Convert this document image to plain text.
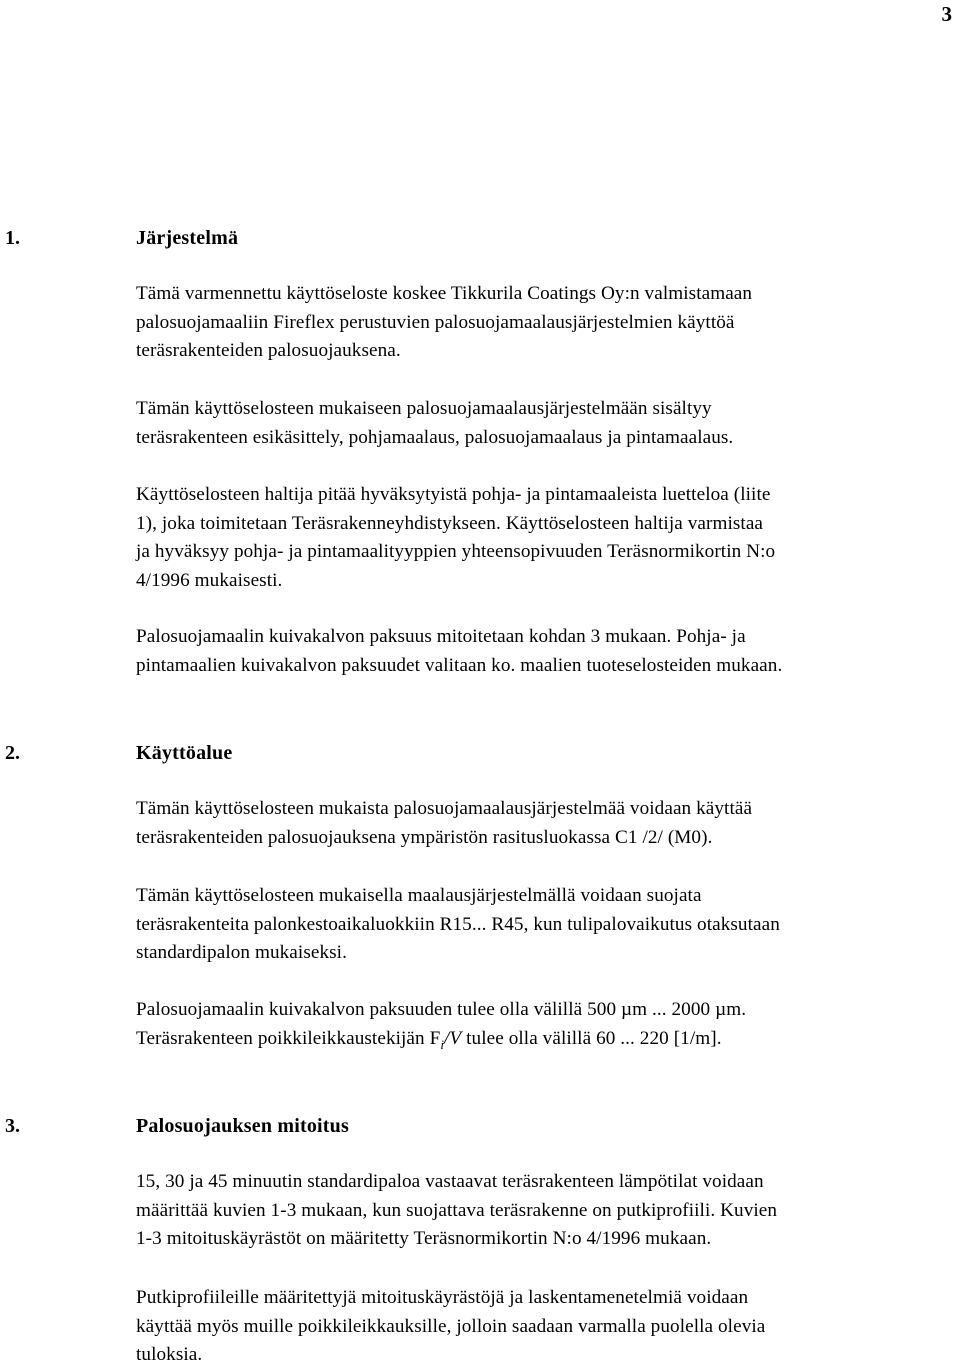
3
1.	Järjestelmä
Tämä varmennettu käyttöseloste koskee Tikkurila Coatings Oy:n valmistamaan
palosuojamaaliin Fireflex perustuvien palosuojamaalausjärjestelmien käyttöä
teräsrakenteiden palosuojauksena.
Tämän käyttöselosteen mukaiseen palosuojamaalausjärjestelmään sisältyy
teräsrakenteen esikäsittely, pohjamaalaus, palosuojamaalaus ja pintamaalaus.
Käyttöselosteen haltija pitää hyväksytyistä pohja- ja pintamaaleista luetteloa (liite
1), joka toimitetaan Teräsrakenneyhdistykseen. Käyttöselosteen haltija varmistaa
ja hyväksyy pohja- ja pintamaalityyppien yhteensopivuuden Teräsnormikortin N:o
4/1996 mukaisesti.
Palosuojamaalin kuivakalvon paksuus mitoitetaan kohdan 3 mukaan. Pohja- ja
pintamaalien kuivakalvon paksuudet valitaan ko. maalien tuoteselosteiden mukaan.
2.	Käyttöalue
Tämän käyttöselosteen mukaista palosuojamaalausjärjestelmää voidaan käyttää
teräsrakenteiden palosuojauksena ympäristön rasitusluokassa C1 /2/ (M0).
Tämän käyttöselosteen mukaisella maalausjärjestelmällä voidaan suojata
teräsrakenteita palonkestoaikaluokkiin R15... R45, kun tulipalovaikutus otaksutaan
standardipalon mukaiseksi.
Palosuojamaalin kuivakalvon paksuuden tulee olla välillä 500 µm ... 2000 µm.
Teräsrakenteen poikkileikkaustekijän $F_i/V$ tulee olla välillä 60 ... 220 [1/m].
3.	Palosuojauksen mitoitus
15, 30 ja 45 minuutin standardipaloa vastaavat teräsrakenteen lämpötilat voidaan
määrittää kuvien 1-3 mukaan, kun suojattava teräsrakenne on putkiprofiili. Kuvien
1-3 mitoituskäyrästöt on määritetty Teräsnormikortin N:o 4/1996 mukaan.
Putkiprofiileille määritettyjä mitoituskäyrästöjä ja laskentamenetelmiä voidaan
käyttää myös muille poikkileikkauksille, jolloin saadaan varmalla puolella olevia
tuloksia.
